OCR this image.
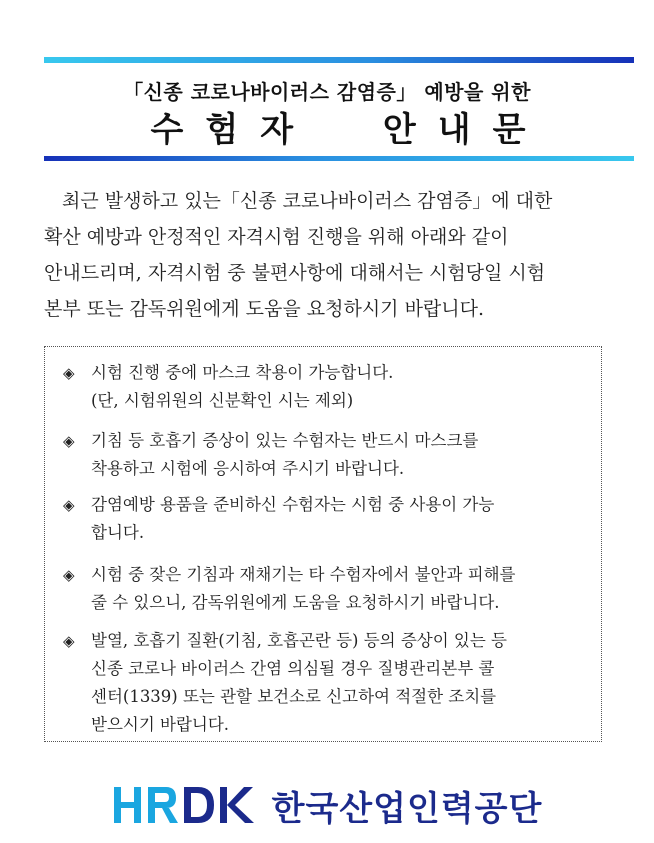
「신종 코로나바이러스 감염증」 예방을 위한
수험자 안내문
최근 발생하고 있는「신종 코로나바이러스 감염증」에 대한
확산 예방과 안정적인 자격시험 진행을 위해 아래와 같이
안내드리며, 자격시험 중 불편사항에 대해서는 시험당일 시험
본부 또는 감독위원에게 도움을 요청하시기 바랍니다.
◈ 시험 진행 중에 마스크 착용이 가능합니다.
(단, 시험위원의 신분확인 시는 제외)
◈ 기침 등 호흡기 증상이 있는 수험자는 반드시 마스크를
착용하고 시험에 응시하여 주시기 바랍니다.
◈ 감염예방 용품을 준비하신 수험자는 시험 중 사용이 가능
합니다.
◈ 시험 중 잦은 기침과 재채기는 타 수험자에서 불안과 피해를
줄 수 있으니, 감독위원에게 도움을 요청하시기 바랍니다.
◈ 발열, 호흡기 질환(기침, 호흡곤란 등) 등의 증상이 있는 등
신종 코로나 바이러스 간염 의심될 경우 질병관리본부 콜
센터(1339) 또는 관할 보건소로 신고하여 적절한 조치를
받으시기 바랍니다.
한국산업인력공단
